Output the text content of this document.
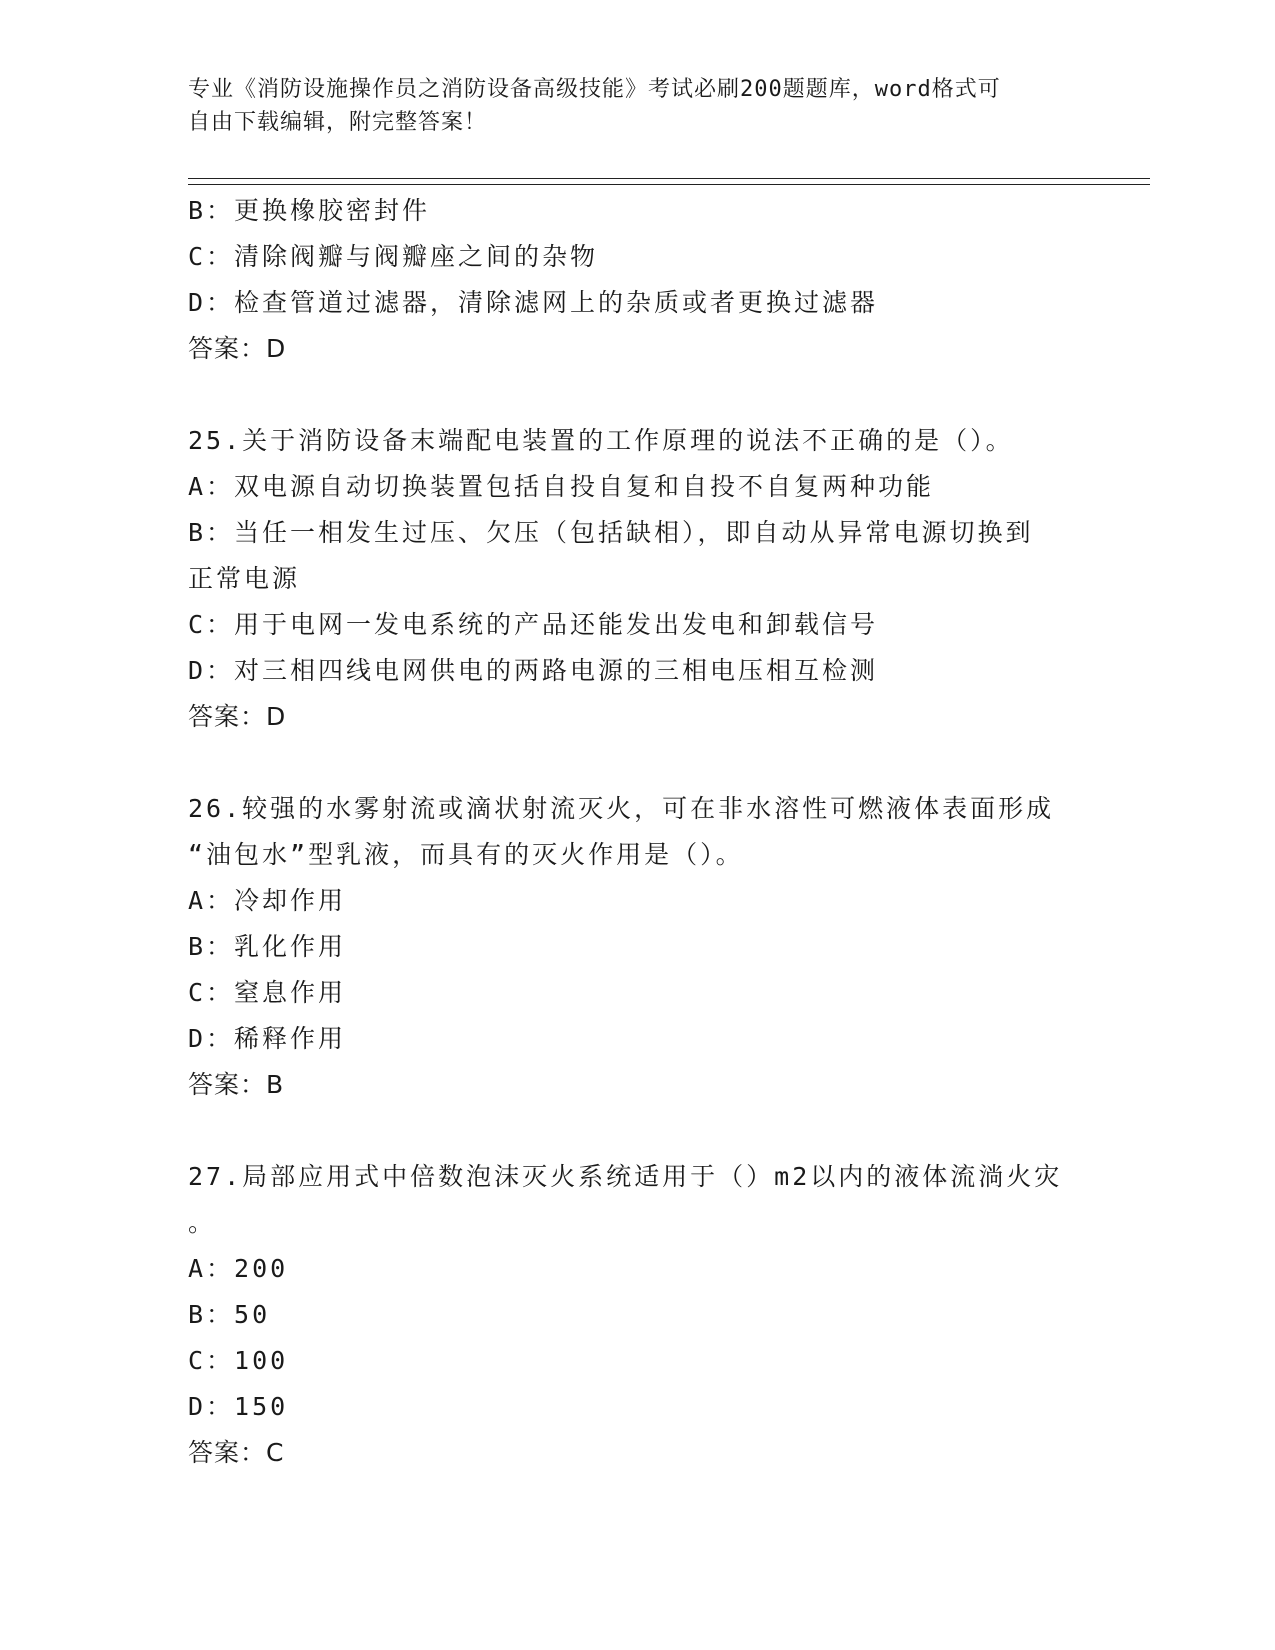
专业《消防设施操作员之消防设备高级技能》考试必刷200题题库，word格式可
自由下载编辑，附完整答案！
B：更换橡胶密封件
C：清除阀瓣与阀瓣座之间的杂物
D：检查管道过滤器，清除滤网上的杂质或者更换过滤器
答案：D
25.关于消防设备末端配电装置的工作原理的说法不正确的是（）。
A：双电源自动切换装置包括自投自复和自投不自复两种功能
B：当任一相发生过压、欠压（包括缺相），即自动从异常电源切换到
正常电源
C：用于电网一发电系统的产品还能发出发电和卸载信号
D：对三相四线电网供电的两路电源的三相电压相互检测
答案：D
26.较强的水雾射流或滴状射流灭火，可在非水溶性可燃液体表面形成
“油包水”型乳液，而具有的灭火作用是（）。
A：冷却作用
B：乳化作用
C：窒息作用
D：稀释作用
答案：B
27.局部应用式中倍数泡沫灭火系统适用于（）m2以内的液体流淌火灾
。
A：200
B：50
C：100
D：150
答案：C
